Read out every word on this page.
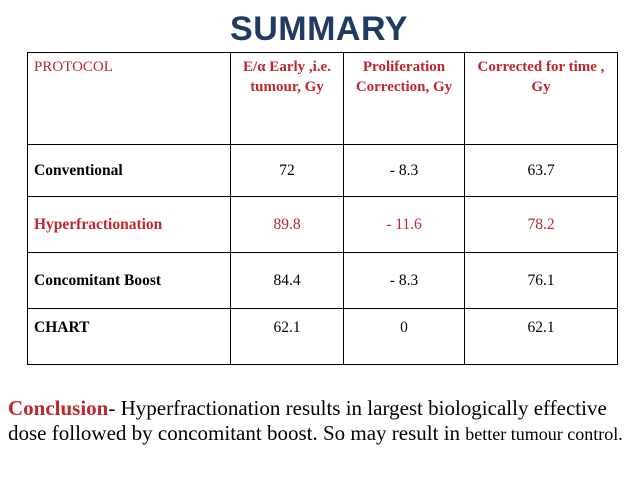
SUMMARY
PROTOCOL	E/α Early ,i.e. tumour, Gy	Proliferation Correction, Gy	Corrected for time , Gy
Conventional	72	- 8.3	63.7
Hyperfractionation	89.8	- 11.6	78.2
Concomitant Boost	84.4	- 8.3	76.1
CHART	62.1	0	62.1
Conclusion- Hyperfractionation results in largest biologically effective dose followed by concomitant boost. So may result in better tumour control.
